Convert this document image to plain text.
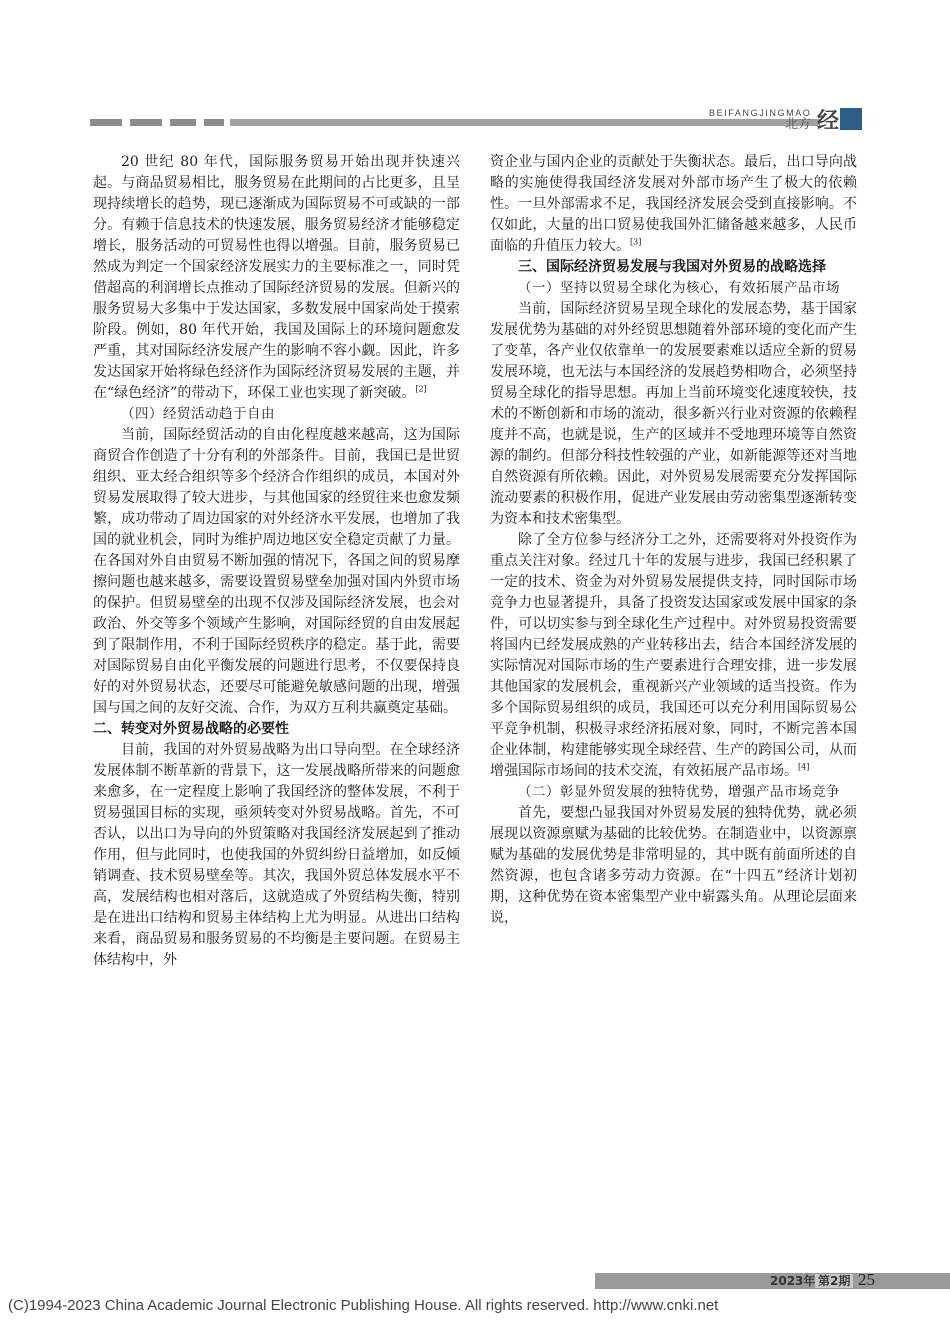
BEIFANGJINGMAO
北方 经

20 世纪 80 年代，国际服务贸易开始出现并快速兴起。与商品贸易相比，服务贸易在此期间的占比更多，且呈现持续增长的趋势，现已逐渐成为国际贸易不可或缺的一部分。有赖于信息技术的快速发展，服务贸易经济才能够稳定增长，服务活动的可贸易性也得以增强。目前，服务贸易已然成为判定一个国家经济发展实力的主要标准之一，同时凭借超高的利润增长点推动了国际经济贸易的发展。但新兴的服务贸易大多集中于发达国家，多数发展中国家尚处于摸索阶段。例如，80 年代开始，我国及国际上的环境问题愈发严重，其对国际经济发展产生的影响不容小觑。因此，许多发达国家开始将绿色经济作为国际经济贸易发展的主题，并在“绿色经济”的带动下，环保工业也实现了新突破。[2]

（四）经贸活动趋于自由

当前，国际经贸活动的自由化程度越来越高，这为国际商贸合作创造了十分有利的外部条件。目前，我国已是世贸组织、亚太经合组织等多个经济合作组织的成员，本国对外贸易发展取得了较大进步，与其他国家的经贸往来也愈发频繁，成功带动了周边国家的对外经济水平发展，也增加了我国的就业机会，同时为维护周边地区安全稳定贡献了力量。在各国对外自由贸易不断加强的情况下，各国之间的贸易摩擦问题也越来越多，需要设置贸易壁垒加强对国内外贸市场的保护。但贸易壁垒的出现不仅涉及国际经济发展，也会对政治、外交等多个领域产生影响，对国际经贸的自由发展起到了限制作用，不利于国际经贸秩序的稳定。基于此，需要对国际贸易自由化平衡发展的问题进行思考，不仅要保持良好的对外贸易状态，还要尽可能避免敏感问题的出现，增强国与国之间的友好交流、合作，为双方互利共赢奠定基础。

二、转变对外贸易战略的必要性

目前，我国的对外贸易战略为出口导向型。在全球经济发展体制不断革新的背景下，这一发展战略所带来的问题愈来愈多，在一定程度上影响了我国经济的整体发展，不利于贸易强国目标的实现，亟须转变对外贸易战略。首先，不可否认，以出口为导向的外贸策略对我国经济发展起到了推动作用，但与此同时，也使我国的外贸纠纷日益增加，如反倾销调查、技术贸易壁垒等。其次，我国外贸总体发展水平不高，发展结构也相对落后，这就造成了外贸结构失衡，特别是在进出口结构和贸易主体结构上尤为明显。从进出口结构来看，商品贸易和服务贸易的不均衡是主要问题。在贸易主体结构中，外

资企业与国内企业的贡献处于失衡状态。最后，出口导向战略的实施使得我国经济发展对外部市场产生了极大的依赖性。一旦外部需求不足，我国经济发展会受到直接影响。不仅如此，大量的出口贸易使我国外汇储备越来越多，人民币面临的升值压力较大。[3]

三、国际经济贸易发展与我国对外贸易的战略选择
（一）坚持以贸易全球化为核心，有效拓展产品市场

当前，国际经济贸易呈现全球化的发展态势，基于国家发展优势为基础的对外经贸思想随着外部环境的变化而产生了变革，各产业仅依靠单一的发展要素难以适应全新的贸易发展环境，也无法与本国经济的发展趋势相吻合，必须坚持贸易全球化的指导思想。再加上当前环境变化速度较快，技术的不断创新和市场的流动，很多新兴行业对资源的依赖程度并不高，也就是说，生产的区域并不受地理环境等自然资源的制约。但部分科技性较强的产业，如新能源等还对当地自然资源有所依赖。因此，对外贸易发展需要充分发挥国际流动要素的积极作用，促进产业发展由劳动密集型逐渐转变为资本和技术密集型。

除了全方位参与经济分工之外，还需要将对外投资作为重点关注对象。经过几十年的发展与进步，我国已经积累了一定的技术、资金为对外贸易发展提供支持，同时国际市场竞争力也显著提升，具备了投资发达国家或发展中国家的条件，可以切实参与到全球化生产过程中。对外贸易投资需要将国内已经发展成熟的产业转移出去，结合本国经济发展的实际情况对国际市场的生产要素进行合理安排，进一步发展其他国家的发展机会，重视新兴产业领域的适当投资。作为多个国际贸易组织的成员，我国还可以充分利用国际贸易公平竞争机制，积极寻求经济拓展对象，同时，不断完善本国企业体制，构建能够实现全球经营、生产的跨国公司，从而增强国际市场间的技术交流，有效拓展产品市场。[4]

（二）彰显外贸发展的独特优势，增强产品市场竞争

首先，要想凸显我国对外贸易发展的独特优势，就必须展现以资源禀赋为基础的比较优势。在制造业中，以资源禀赋为基础的发展优势是非常明显的，其中既有前面所述的自然资源，也包含诸多劳动力资源。在“十四五”经济计划初期，这种优势在资本密集型产业中崭露头角。从理论层面来说，

2023年 第2期 25
(C)1994-2023 China Academic Journal Electronic Publishing House. All rights reserved. http://www.cnki.net
